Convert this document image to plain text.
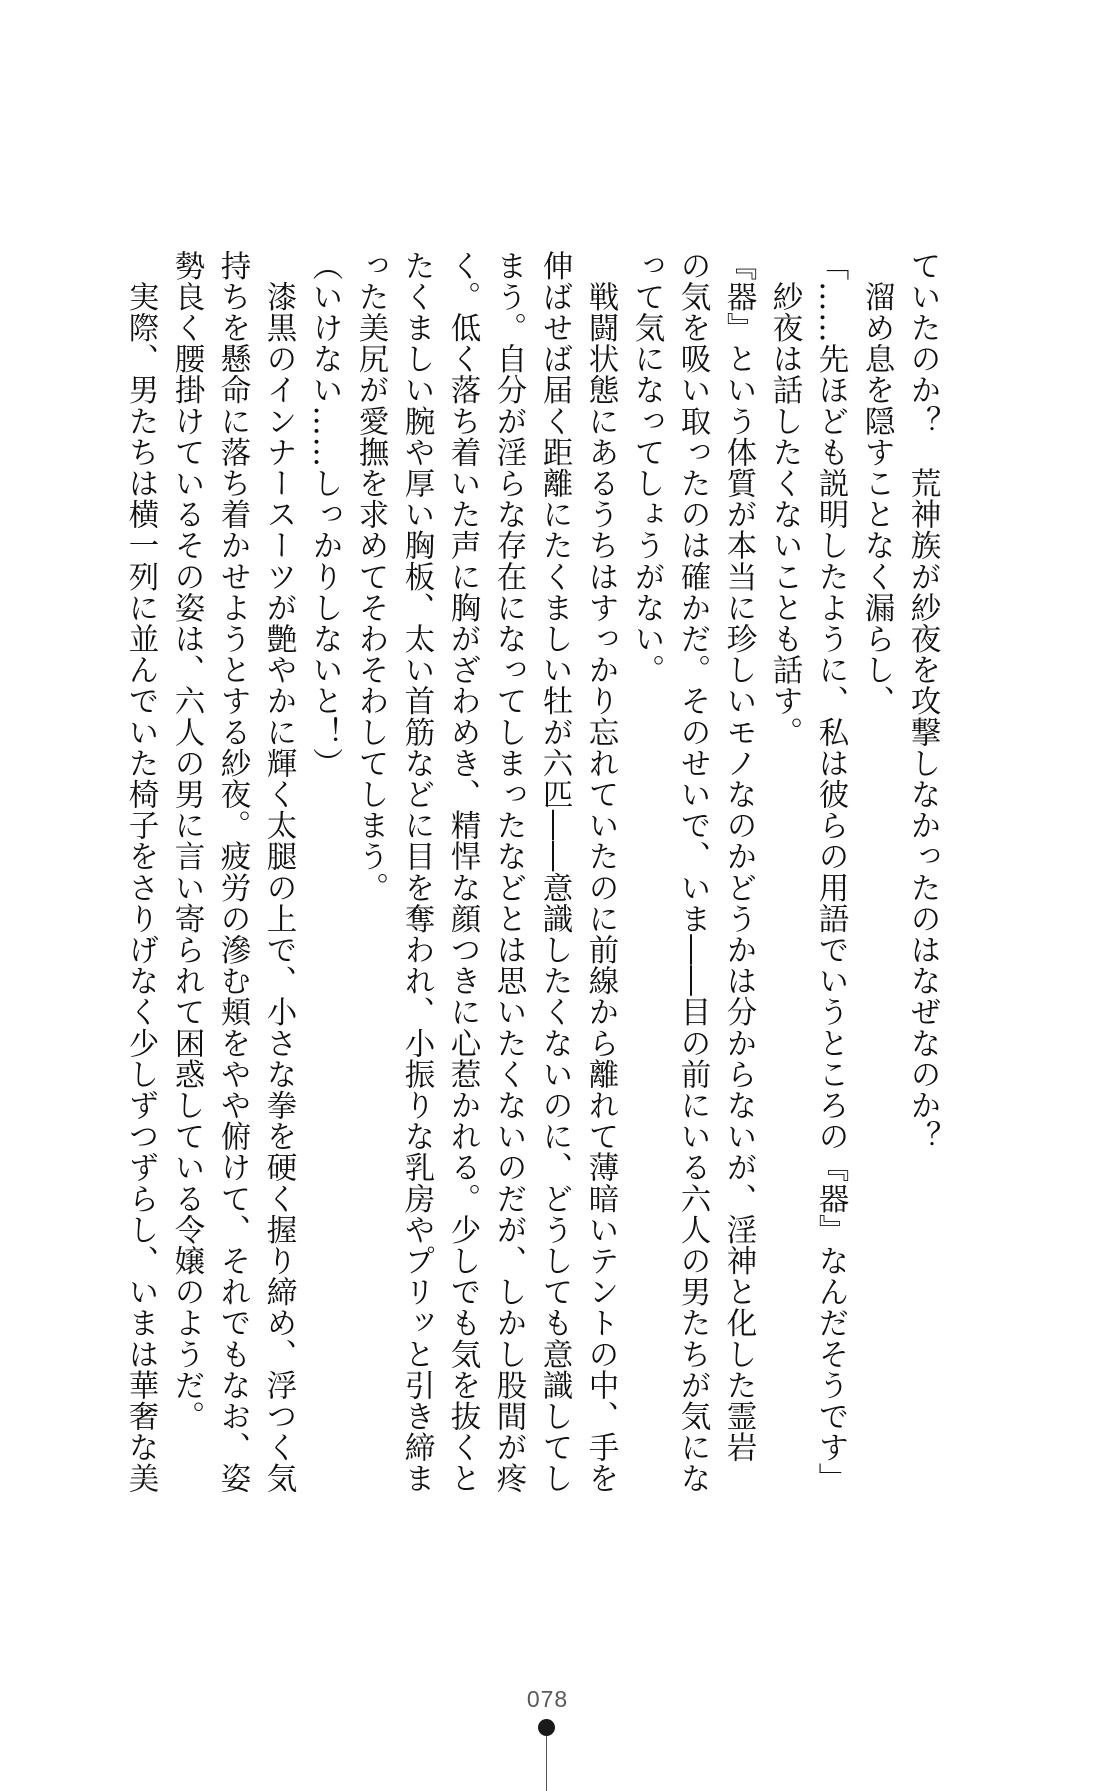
ていたのか？　荒神族が紗夜を攻撃しなかったのはなぜなのか？

　溜め息を隠すことなく漏らし、

「……先ほども説明したように、私は彼らの用語でいうところの『器』なんだそうです」

　紗夜は話したくないことも話す。

『器』という体質が本当に珍しいモノなのかどうかは分からないが、淫神と化した霊岩

の気を吸い取ったのは確かだ。そのせいで、いま――目の前にいる六人の男たちが気にな

って気になってしょうがない。

　戦闘状態にあるうちはすっかり忘れていたのに前線から離れて薄暗いテントの中、手を

伸ばせば届く距離にたくましい牡が六匹――意識したくないのに、どうしても意識してし

まう。自分が淫らな存在になってしまったなどとは思いたくないのだが、しかし股間が疼

く。低く落ち着いた声に胸がざわめき、精悍な顔つきに心惹かれる。少しでも気を抜くと

たくましい腕や厚い胸板、太い首筋などに目を奪われ、小振りな乳房やプリッと引き締ま

った美尻が愛撫を求めてそわそわしてしまう。

（いけない……しっかりしないと！）

　漆黒のインナースーツが艶やかに輝く太腿の上で、小さな拳を硬く握り締め、浮つく気

持ちを懸命に落ち着かせようとする紗夜。疲労の滲む頬をやや俯けて、それでもなお、姿

勢良く腰掛けているその姿は、六人の男に言い寄られて困惑している令嬢のようだ。

　実際、男たちは横一列に並んでいた椅子をさりげなく少しずつずらし、いまは華奢な美

078
